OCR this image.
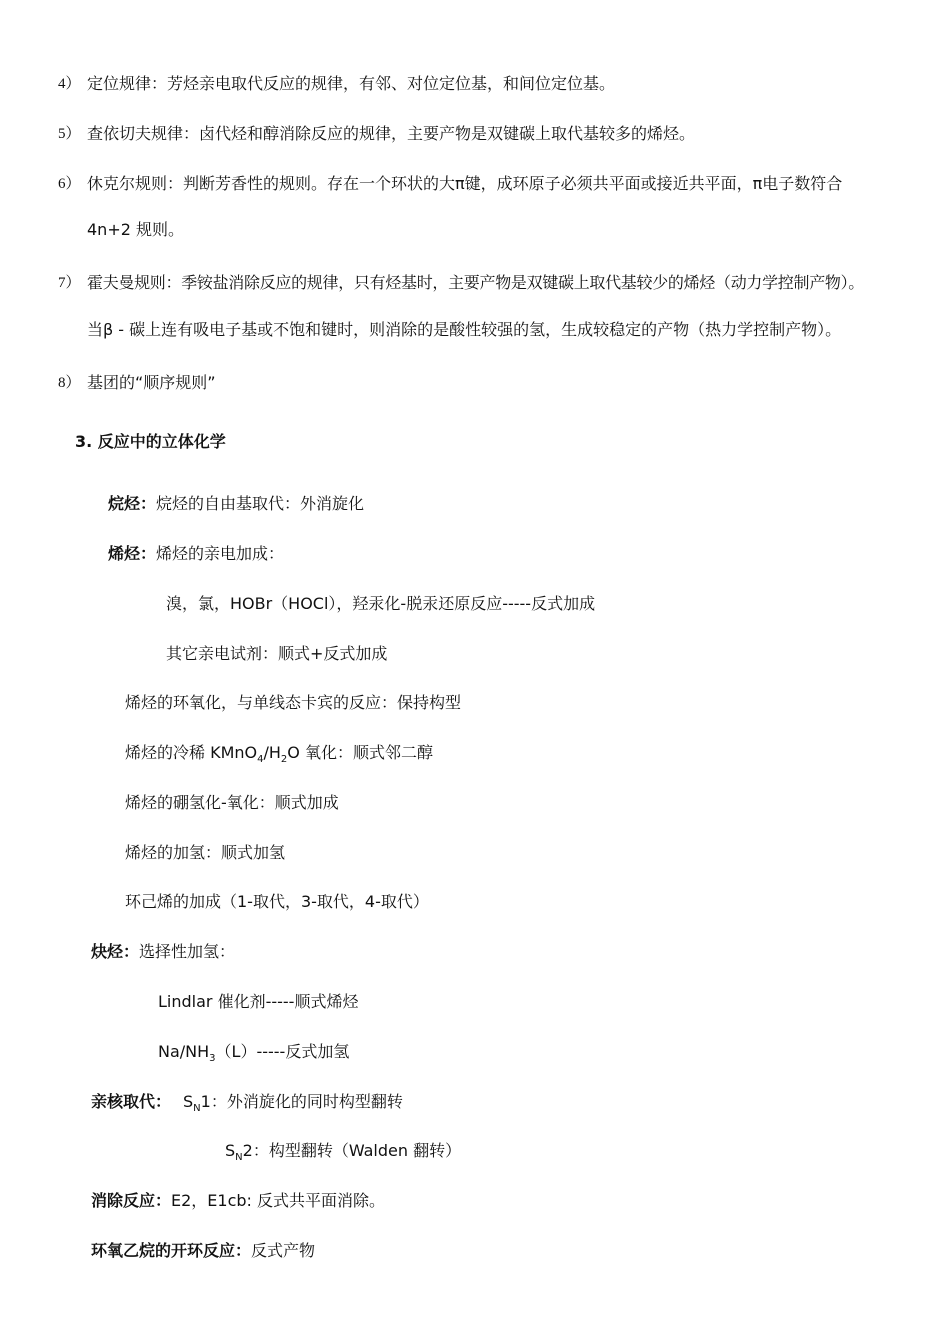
4） 定位规律：芳烃亲电取代反应的规律，有邻、对位定位基，和间位定位基。
5） 查依切夫规律：卤代烃和醇消除反应的规律，主要产物是双键碳上取代基较多的烯烃。
6） 休克尔规则：判断芳香性的规则。存在一个环状的大π键，成环原子必须共平面或接近共平面，π电子数符合
4n+2 规则。
7） 霍夫曼规则：季铵盐消除反应的规律，只有烃基时，主要产物是双键碳上取代基较少的烯烃（动力学控制产物）。
当β - 碳上连有吸电子基或不饱和键时，则消除的是酸性较强的氢，生成较稳定的产物（热力学控制产物）。
8） 基团的“顺序规则”
3. 反应中的立体化学
烷烃：烷烃的自由基取代：外消旋化
烯烃：烯烃的亲电加成：
溴，氯，HOBr（HOCl），羟汞化-脱汞还原反应-----反式加成
其它亲电试剂：顺式+反式加成
烯烃的环氧化，与单线态卡宾的反应：保持构型
烯烃的冷稀 $KMnO_4/H_2O$ 氧化：顺式邻二醇
烯烃的硼氢化-氧化：顺式加成
烯烃的加氢：顺式加氢
环己烯的加成（1-取代，3-取代，4-取代）
炔烃：选择性加氢：
Lindlar 催化剂-----顺式烯烃
$Na/NH_3(L)-----$反式加氢
亲核取代： $S_N1$：外消旋化的同时构型翻转
$S_N2$：构型翻转（Walden 翻转）
消除反应：E2，E1cb: 反式共平面消除。
环氧乙烷的开环反应：反式产物
